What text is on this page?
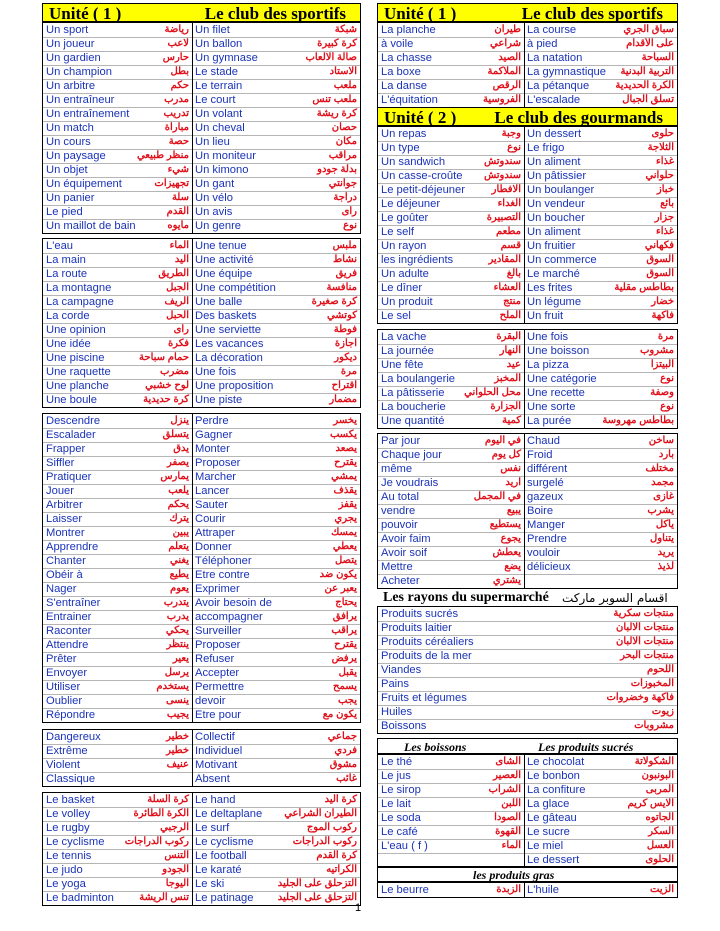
Unité ( 1 )	Le club des sportifs
Un sport	رياضة Un filet	شبكة
Un joueur	لاعب Un ballon	كرة كبيرة
Un gardien	حارس Un gymnase	صالة الالعاب
Un champion	بطل Le stade	الاستاد
Un arbitre	حكم Le terrain	ملعب
Un entraîneur	مدرب Le court	ملعب تنس
Un entraînement	تدريب Un volant	كرة ريشة
Un match	مباراة Un cheval	حصان
Un cours	حصة Un lieu	مكان
Un paysage	منظر طبيعي Un moniteur	مراقب
Un objet	شيء Un kimono	بدلة جودو
Un équipement	تجهيزات Un gant	جوانتي
Un panier	سلة Un vélo	دراجة
Le pied	القدم Un avis	رأى
Un maillot de bain	مايوه Un genre	نوع
L'eau	الماء Une tenue	ملبس
La main	اليد Une activité	نشاط
La route	الطريق Une équipe	فريق
La montagne	الجبل Une compétition	منافسة
La campagne	الريف Une balle	كرة صغيرة
La corde	الحبل Des baskets	كوتشي
Une opinion	رأى Une serviette	فوطة
Une idée	فكرة Les vacances	اجازة
Une piscine	حمام سباحة La décoration	ديكور
Une raquette	مضرب Une fois	مرة
Une planche	لوح خشبي Une proposition	اقتراح
Une boule	كرة حديدية Une piste	مضمار
Descendre	ينزل Perdre	يخسر
Escalader	يتسلق Gagner	يكسب
Frapper	يدق Monter	يصعد
Siffler	يصفر Proposer	يقترح
Pratiquer	يمارس Marcher	يمشي
Jouer	يلعب Lancer	يقذف
Arbitrer	يحكم Sauter	يقفز
Laisser	يترك Courir	يجري
Montrer	يبين Attraper	يمسك
Apprendre	يتعلم Donner	يعطي
Chanter	يغني Téléphoner	يتصل
Obéir à	يطيع Etre contre	يكون ضد
Nager	يعوم Exprimer	يعبر عن
S'entraîner	يتدرب Avoir besoin de	يحتاج
Entrainer	يدرب accompagner	يرافق
Raconter	يحكي Surveiller	يراقب
Attendre	ينتظر Proposer	يقترح
Prêter	يعير Refuser	يرفض
Envoyer	يرسل Accepter	يقبل
Utiliser	يستخدم Permettre	يسمح
Oublier	ينسى devoir	يجب
Répondre	يجيب Etre pour	يكون مع
Dangereux	خطير Collectif	جماعي
Extrême	خطير Individuel	فردي
Violent	عنيف Motivant	مشوق
Classique	Absent	غائب
Le basket	كرة السلة Le hand	كرة اليد
Le volley	الكرة الطائرة Le deltaplane الطيران الشراعي
Le rugby	الرجبي Le surf	ركوب الموج
Le cyclisme ركوب الدراجات Le cyclisme	ركوب الدراجات
Le tennis	التنس Le football	كرة القدم
Le judo	الجودو Le karaté	الكراتيه
Le yoga	اليوجا Le ski	التزحلق على الجليد
Le badminton	تنس الريشة Le patinage التزحلق على الجليد
Unité ( 1 )	Le club des sportifs
Unité ( 2 ) Le club des gourmands
La planche	طيران La course	سباق الجري
à voile	شراعي à pied	على الأقدام
La chasse	الصيد La natation	السباحة
La boxe	الملاكمة La gymnastique التربية البدنية
La danse	الرقص La pétanque	الكرة الحديدية
L'équitation	الفروسية L'escalade	تسلق الجبال
Un repas	وجبة Un dessert	حلوى
Un type	نوع Le frigo	الثلاجة
Un sandwich	سندوتش Un aliment	غذاء
Un casse-croûte سندوتش Un pâtissier	حلواني
Le petit-déjeuner	الافطار Un boulanger	خباز
Le déjeuner	الغداء Un vendeur	بائع
Le goûter	التصبيرة Un boucher	جزار
Le self	مطعم Un aliment	غذاء
Un rayon	قسم Un fruitier	فكهاني
les ingrédients	المقادير Un commerce	السوق
Un adulte	بالغ Le marché	السوق
Le dîner	العشاء Les frites	بطاطس مقلية
Un produit	منتج Un légume	خضار
Le sel	الملح Un fruit	فاكهة
La vache	البقرة Une fois	مرة
La journée	النهار Une boisson	مشروب
Une fête	عيد La pizza	البيتزا
La boulangerie	المخبز Une catégorie	نوع
La pâtisserie محل الحلواني Une recette	وصفة
La boucherie	الجزارة Une sorte	نوع
Une quantité	كمية La purée	بطاطس مهروسة
Par jour	في اليوم Chaud	ساخن
Chaque jour	كل يوم Froid	بارد
même	نفس différent	مختلف
Je voudrais	اريد surgelé	مجمد
Au total	في المجمل gazeux	غازى
vendre	يبيع Boire	يشرب
pouvoir	يستطيع Manger	يأكل
Avoir faim	يجوع Prendre	يتناول
Avoir soif	يعطش vouloir	يريد
Mettre	يضع délicieux	لذيذ
Acheter	يشتري
Les rayons du supermarché اقسام السوبر ماركت
Produits sucrés	منتجات سكرية
Produits laitier	منتجات الالبان
Produits céréaliers	منتجات الالبان
Produits de la mer	منتجات البحر
Viandes	اللحوم
Pains	المخبوزات
Fruits et légumes	فاكهة وخضروات
Huiles	زيوت
Boissons	مشروبات
Les boissons	Les produits sucrés
Le thé	الشاى Le chocolat	الشكولاتة
Le jus	العصير Le bonbon	البونبون
Le sirop	الشراب La confiture	المربى
Le lait	اللبن La glace	الايس كريم
Le soda	الصودا Le gâteau	الجاتوه
Le café	القهوة Le sucre	السكر
L'eau ( f )	الماء Le miel	العسل
Le dessert	الحلوى
les produits gras
Le beurre	الزبدة L'huile	الزيت
1
